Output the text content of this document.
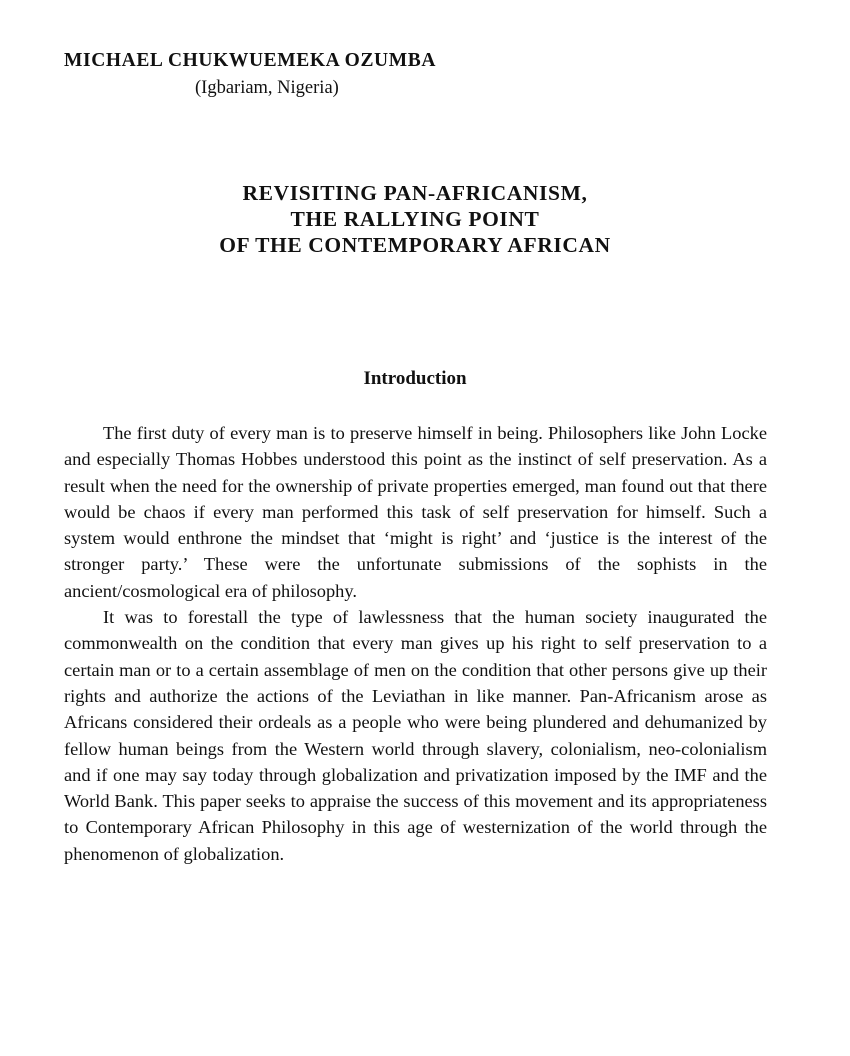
MICHAEL CHUKWUEMEKA OZUMBA
(Igbariam, Nigeria)
REVISITING PAN-AFRICANISM,
THE RALLYING POINT
OF THE CONTEMPORARY AFRICAN
Introduction

The first duty of every man is to preserve himself in being. Philosophers like John Locke and especially Thomas Hobbes understood this point as the instinct of self preservation. As a result when the need for the ownership of private properties emerged, man found out that there would be chaos if every man performed this task of self preservation for himself. Such a system would enthrone the mindset that ‘might is right’ and ‘justice is the interest of the stronger party.’ These were the unfortunate submissions of the sophists in the ancient/cosmological era of philosophy.

It was to forestall the type of lawlessness that the human society inaugurated the commonwealth on the condition that every man gives up his right to self preservation to a certain man or to a certain assemblage of men on the condition that other persons give up their rights and authorize the actions of the Leviathan in like manner. Pan-Africanism arose as Africans considered their ordeals as a people who were being plundered and dehumanized by fellow human beings from the Western world through slavery, colonialism, neo-colonialism and if one may say today through globalization and privatization imposed by the IMF and the World Bank. This paper seeks to appraise the success of this movement and its appropriateness to Contemporary African Philosophy in this age of westernization of the world through the phenomenon of globalization.
